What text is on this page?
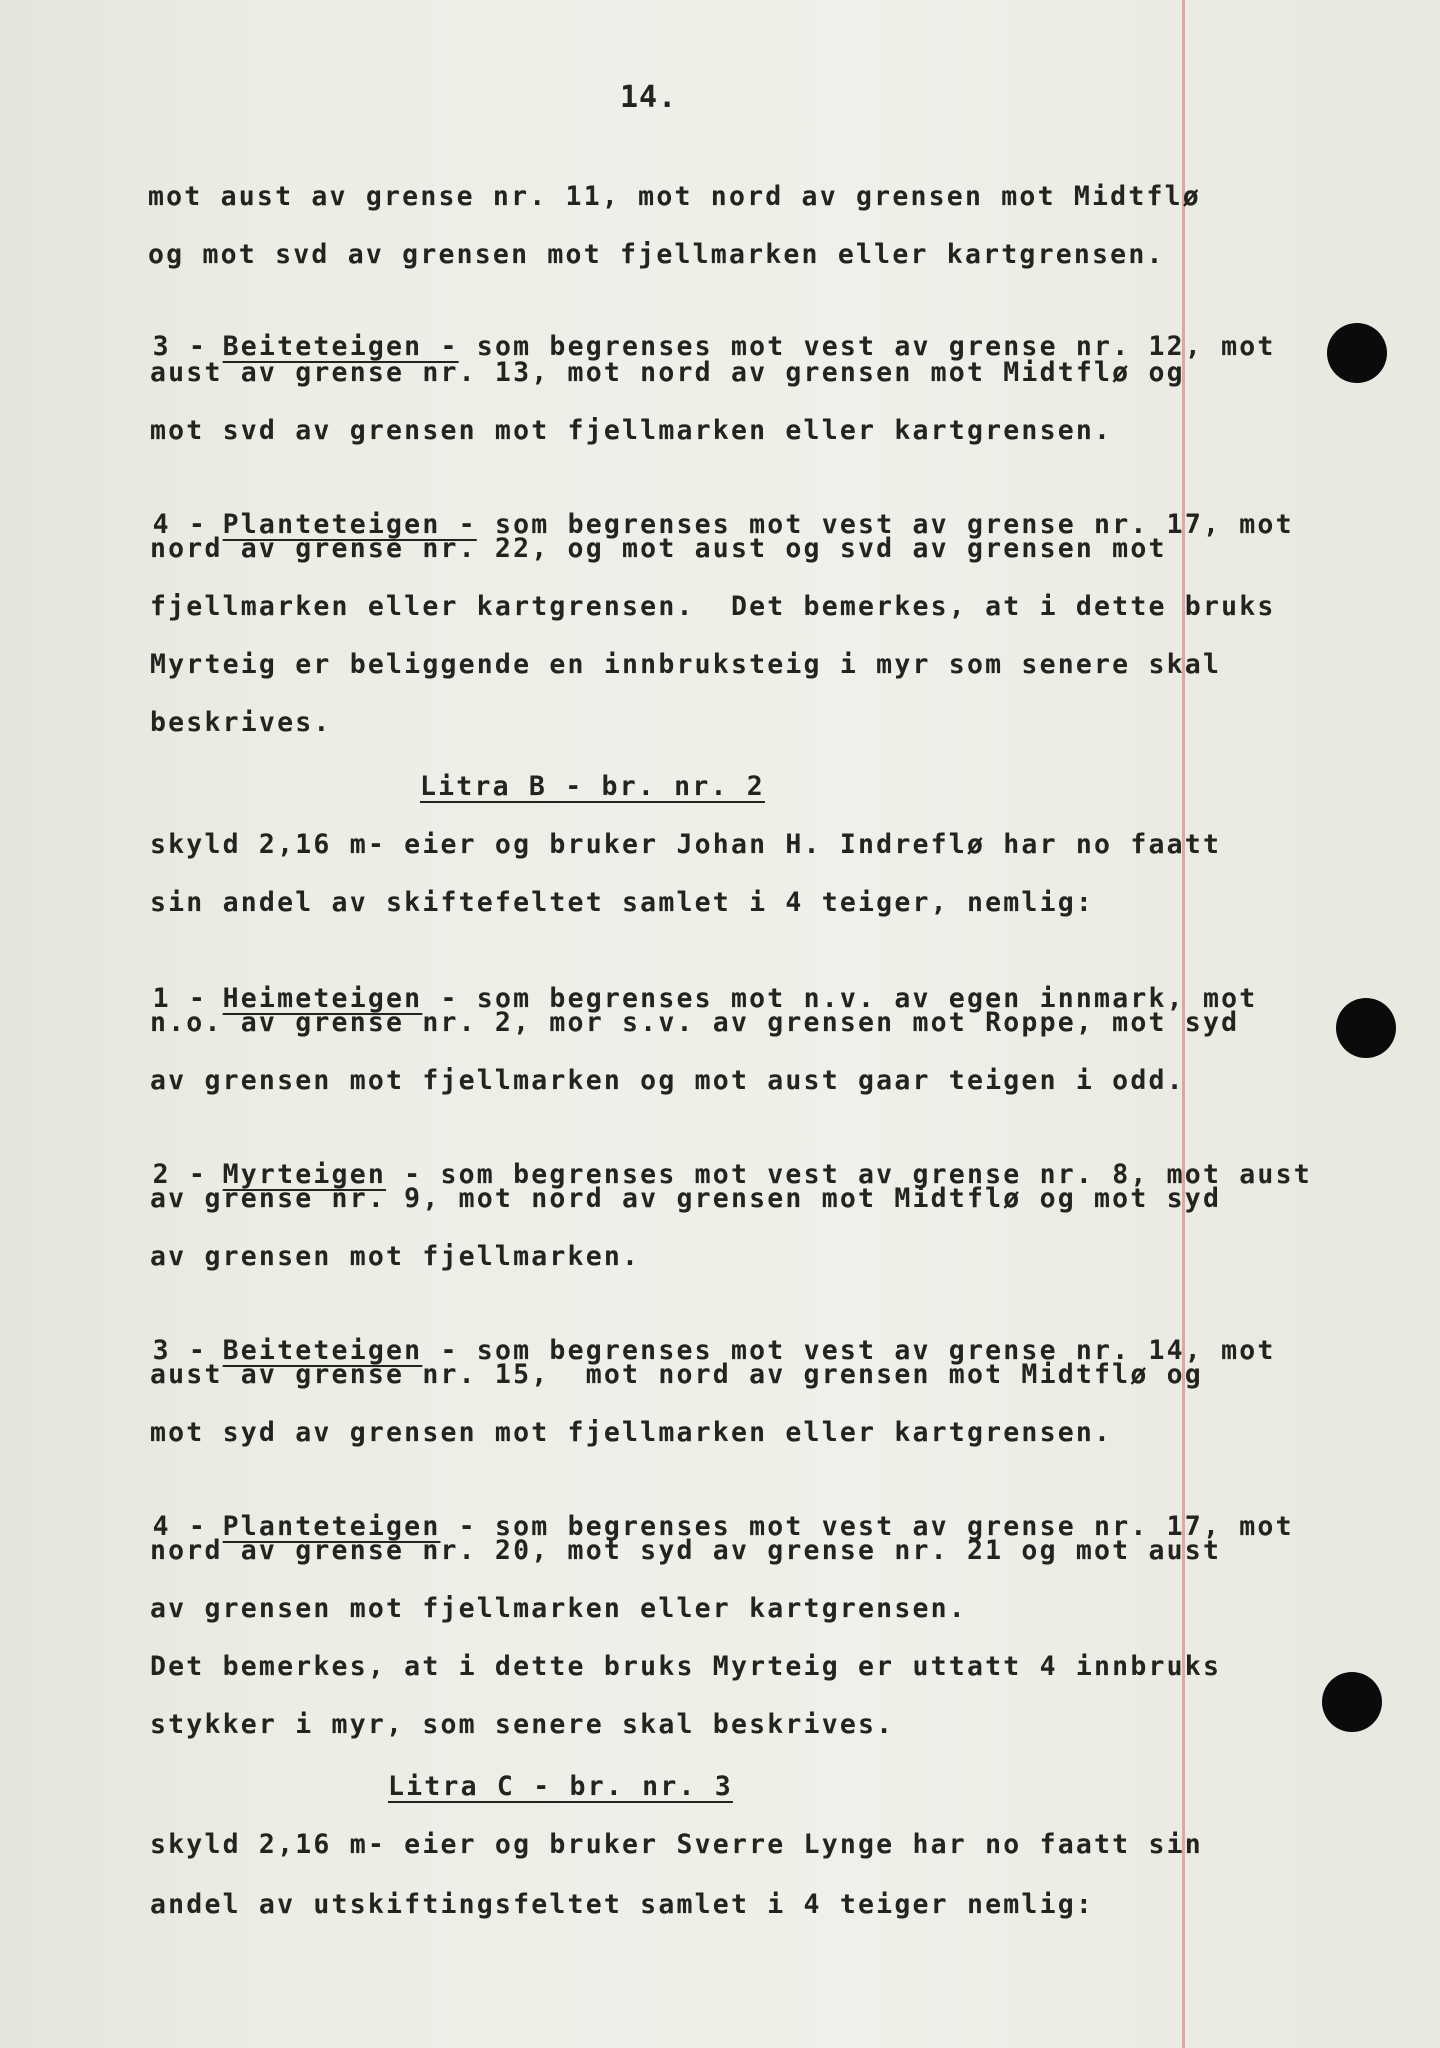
14.
mot aust av grense nr. 11, mot nord av grensen mot Midtflø
og mot svd av grensen mot fjellmarken eller kartgrensen.

3 - Beiteteigen - som begrenses mot vest av grense nr. 12, mot

aust av grense nr. 13, mot nord av grensen mot Midtflø og
mot svd av grensen mot fjellmarken eller kartgrensen.

4 - Planteteigen - som begrenses mot vest av grense nr. 17, mot

nord av grense nr. 22, og mot aust og svd av grensen mot
fjellmarken eller kartgrensen.  Det bemerkes, at i dette bruks
Myrteig er beliggende en innbruksteig i myr som senere skal
beskrives.
Litra B - br. nr. 2
skyld 2,16 m- eier og bruker Johan H. Indreflø har no faatt
sin andel av skiftefeltet samlet i 4 teiger, nemlig:

1 - Heimeteigen - som begrenses mot n.v. av egen innmark, mot

n.o. av grense nr. 2, mor s.v. av grensen mot Roppe, mot syd
av grensen mot fjellmarken og mot aust gaar teigen i odd.

2 - Myrteigen - som begrenses mot vest av grense nr. 8, mot aust

av grense nr. 9, mot nord av grensen mot Midtflø og mot syd
av grensen mot fjellmarken.

3 - Beiteteigen - som begrenses mot vest av grense nr. 14, mot

aust av grense nr. 15,  mot nord av grensen mot Midtflø og
mot syd av grensen mot fjellmarken eller kartgrensen.

4 - Planteteigen - som begrenses mot vest av grense nr. 17, mot

nord av grense nr. 20, mot syd av grense nr. 21 og mot aust
av grensen mot fjellmarken eller kartgrensen.
Det bemerkes, at i dette bruks Myrteig er uttatt 4 innbruks
stykker i myr, som senere skal beskrives.
Litra C - br. nr. 3
skyld 2,16 m- eier og bruker Sverre Lynge har no faatt sin
andel av utskiftingsfeltet samlet i 4 teiger nemlig:
